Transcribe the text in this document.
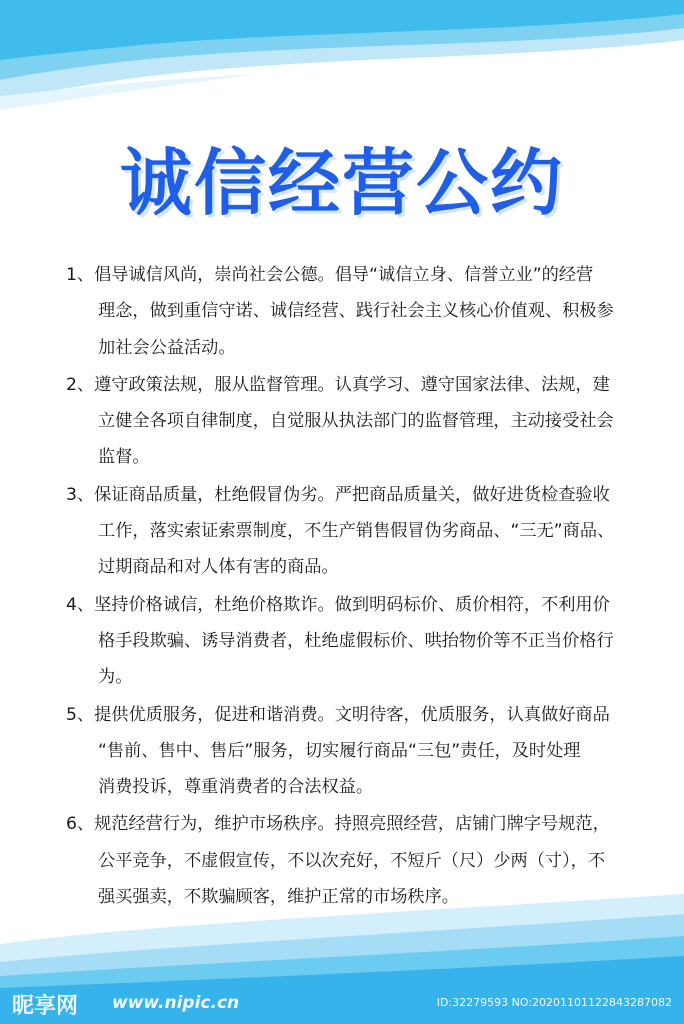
诚信经营公约
1、倡导诚信风尚，崇尚社会公德。倡导“诚信立身、信誉立业”的经营
理念，做到重信守诺、诚信经营、践行社会主义核心价值观、积极参
加社会公益活动。
2、遵守政策法规，服从监督管理。认真学习、遵守国家法律、法规，建
立健全各项自律制度，自觉服从执法部门的监督管理，主动接受社会
监督。
3、保证商品质量，杜绝假冒伪劣。严把商品质量关，做好进货检查验收
工作，落实索证索票制度，不生产销售假冒伪劣商品、“三无”商品、
过期商品和对人体有害的商品。
4、坚持价格诚信，杜绝价格欺诈。做到明码标价、质价相符，不利用价
格手段欺骗、诱导消费者，杜绝虚假标价、哄抬物价等不正当价格行
为。
5、提供优质服务，促进和谐消费。文明待客，优质服务，认真做好商品
“售前、售中、售后”服务，切实履行商品“三包”责任，及时处理
消费投诉，尊重消费者的合法权益。
6、规范经营行为，维护市场秩序。持照亮照经营，店铺门牌字号规范，
公平竞争，不虚假宣传，不以次充好，不短斤（尺）少两（寸），不
强买强卖，不欺骗顾客，维护正常的市场秩序。
昵享网 www.nipic.cn	ID:32279593 NO:20201101122843287082
